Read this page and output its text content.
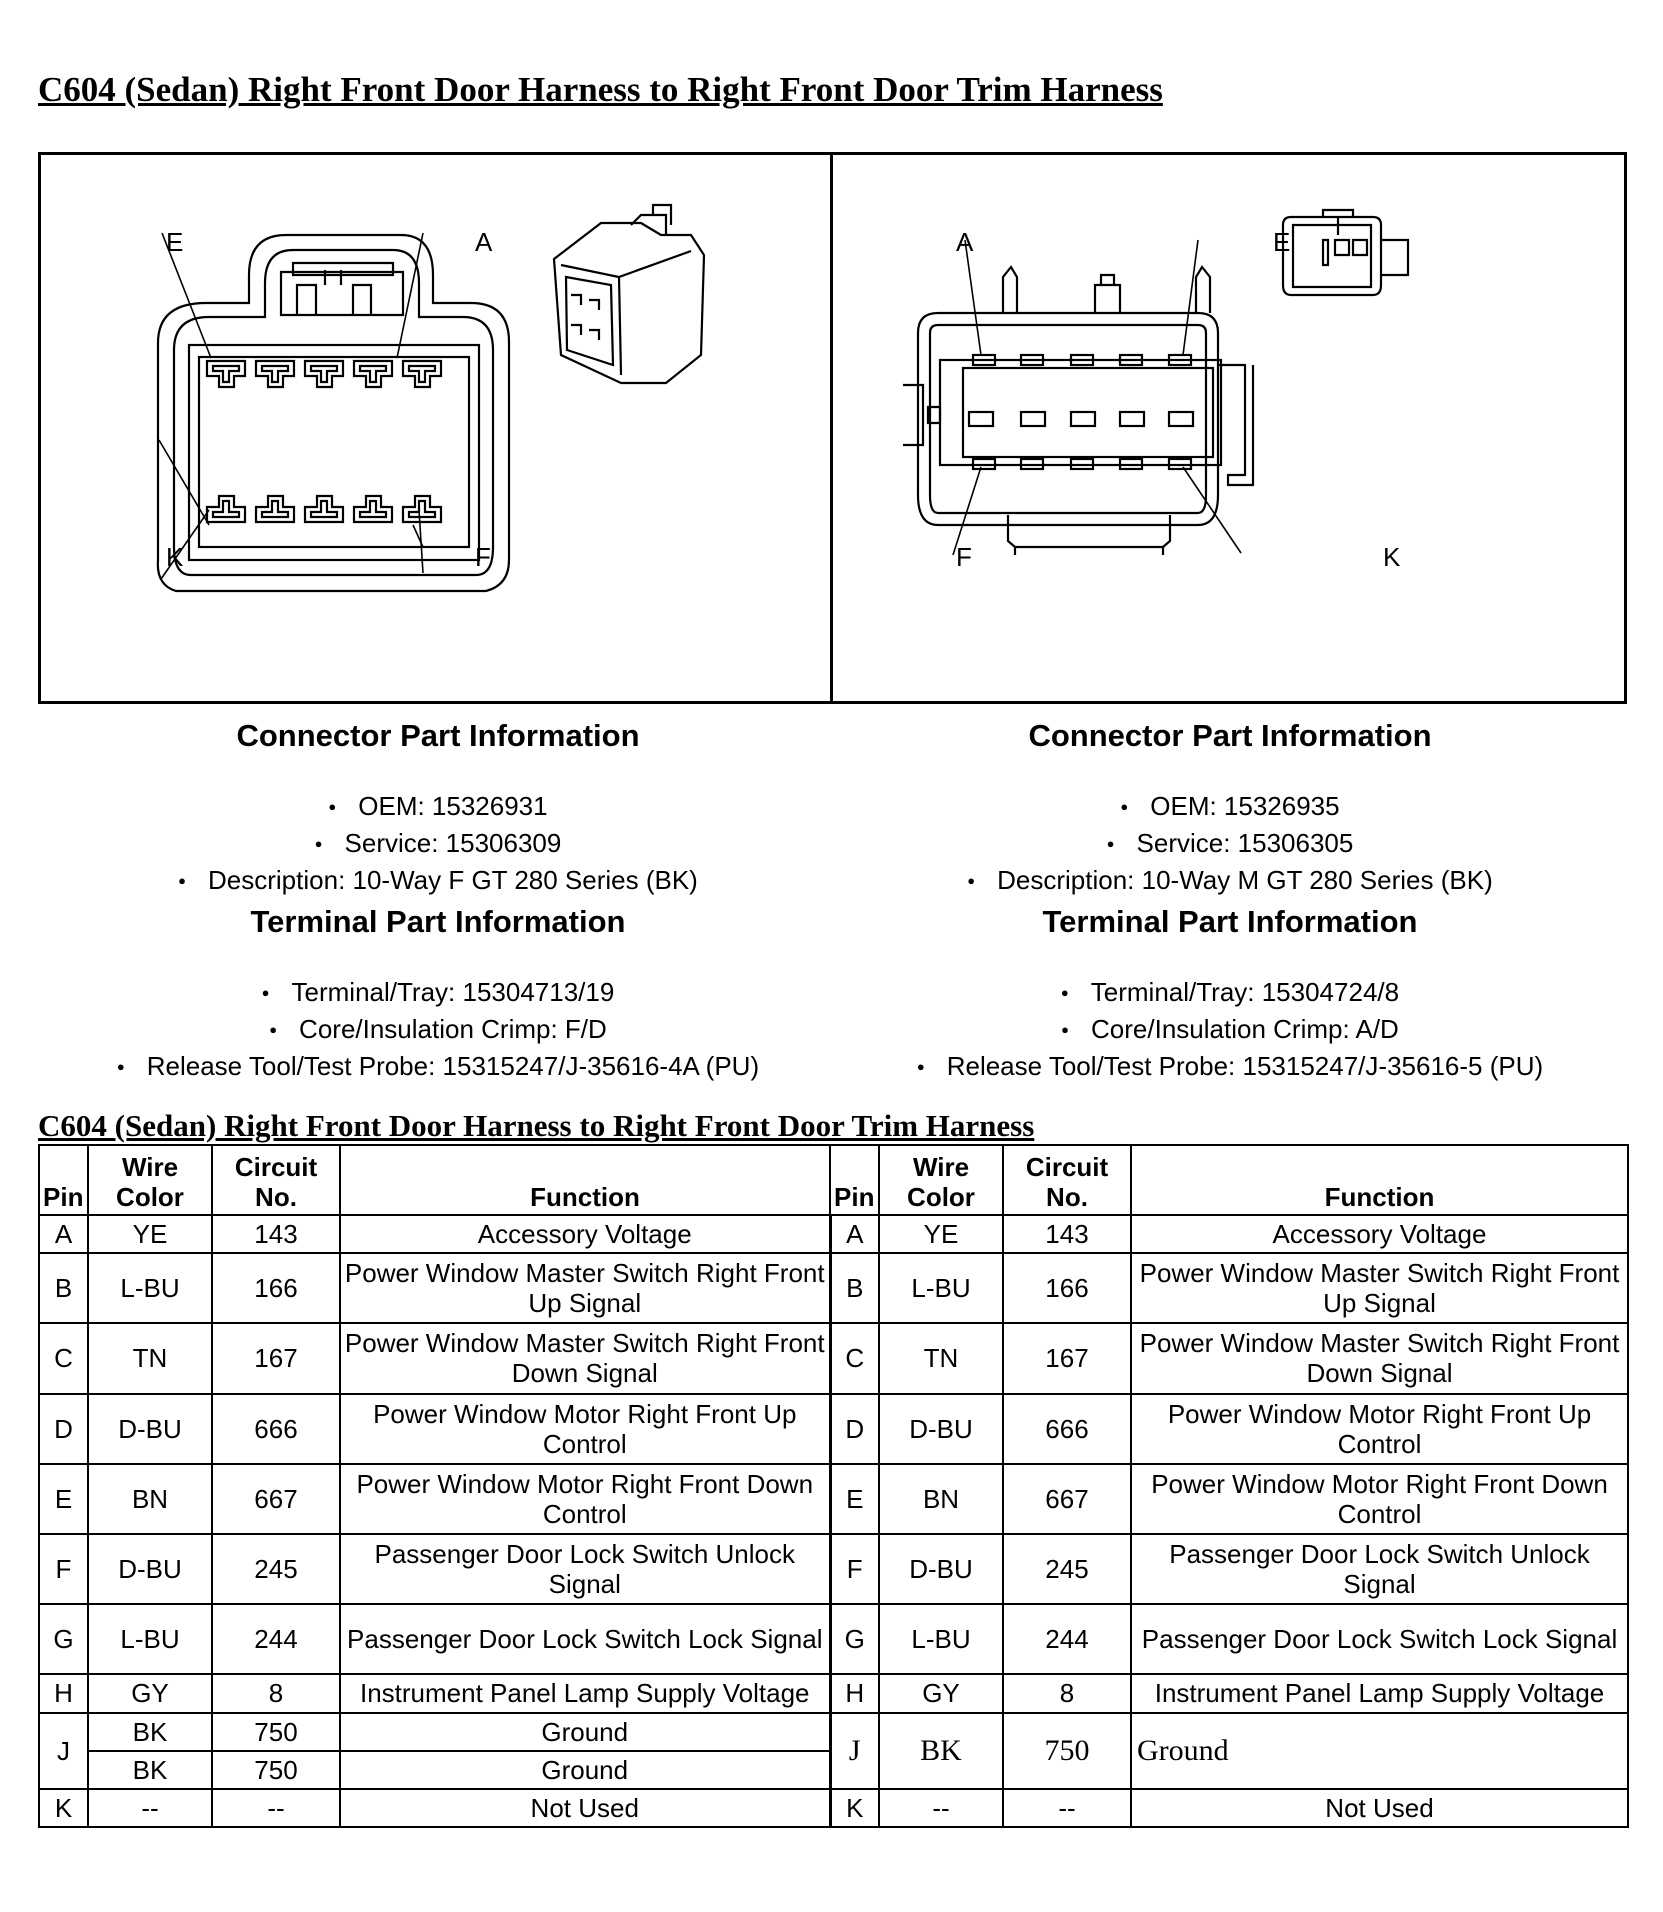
C604 (Sedan) Right Front Door Harness to Right Front Door Trim Harness
E	A
K	F
A	E
F	K
Connector Part Information
● OEM: 15326931
● Service: 15306309
● Description: 10-Way F GT 280 Series (BK)
Terminal Part Information
● Terminal/Tray: 15304713/19
● Core/Insulation Crimp: F/D
● Release Tool/Test Probe: 15315247/J-35616-4A (PU)
Connector Part Information
● OEM: 15326935
● Service: 15306305
● Description: 10-Way M GT 280 Series (BK)
Terminal Part Information
● Terminal/Tray: 15304724/8
● Core/Insulation Crimp: A/D
● Release Tool/Test Probe: 15315247/J-35616-5 (PU)
C604 (Sedan) Right Front Door Harness to Right Front Door Trim Harness
Pin	Wire Color	Circuit No.	Function	Pin	Wire Color	Circuit No.	Function
A	YE	143	Accessory Voltage	A	YE	143	Accessory Voltage
B	L-BU	166	Power Window Master Switch Right Front Up Signal	B	L-BU	166	Power Window Master Switch Right Front Up Signal
C	TN	167	Power Window Master Switch Right Front Down Signal	C	TN	167	Power Window Master Switch Right Front Down Signal
D	D-BU	666	Power Window Motor Right Front Up Control	D	D-BU	666	Power Window Motor Right Front Up Control
E	BN	667	Power Window Motor Right Front Down Control	E	BN	667	Power Window Motor Right Front Down Control
F	D-BU	245	Passenger Door Lock Switch Unlock Signal	F	D-BU	245	Passenger Door Lock Switch Unlock Signal
G	L-BU	244	Passenger Door Lock Switch Lock Signal	G	L-BU	244	Passenger Door Lock Switch Lock Signal
H	GY	8	Instrument Panel Lamp Supply Voltage	H	GY	8	Instrument Panel Lamp Supply Voltage
J	BK	750	Ground	J	BK	750	Ground
	BK	750	Ground				
K	--	--	Not Used	K	--	--	Not Used
